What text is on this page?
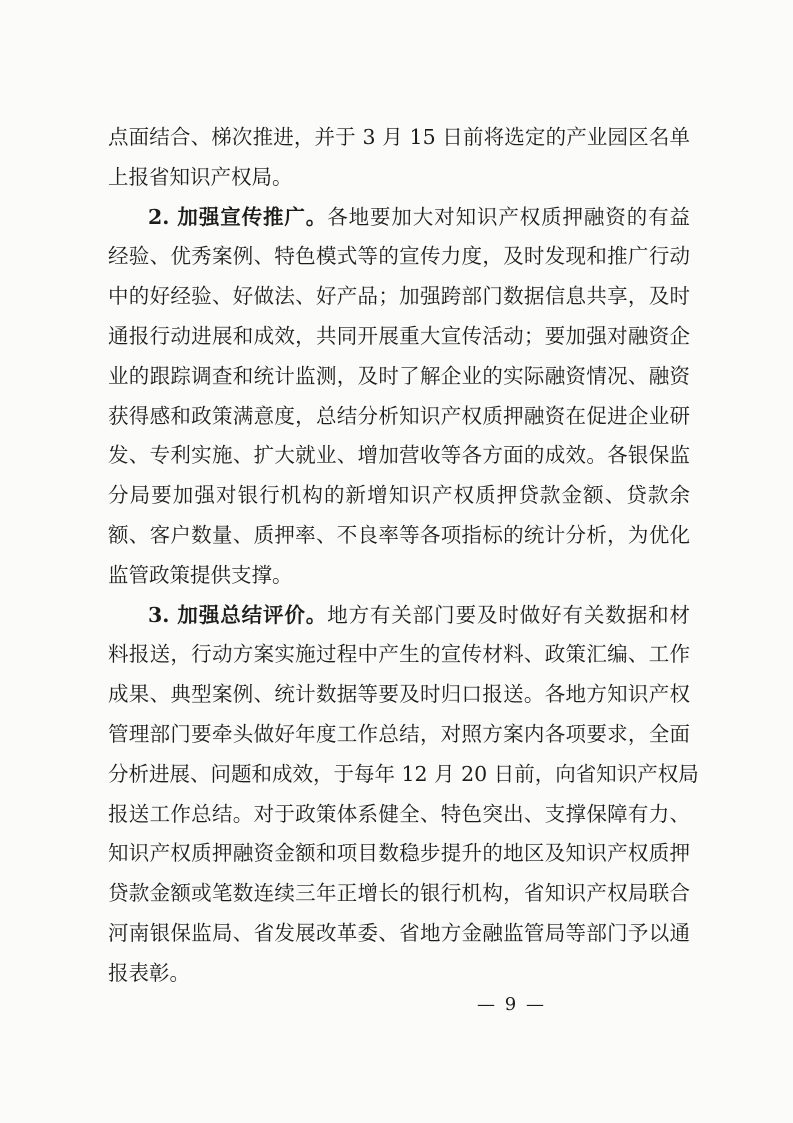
点面结合、梯次推进，并于 3 月 15 日前将选定的产业园区名单
上报省知识产权局。
2. 加强宣传推广。各地要加大对知识产权质押融资的有益
经验、优秀案例、特色模式等的宣传力度，及时发现和推广行动
中的好经验、好做法、好产品；加强跨部门数据信息共享，及时
通报行动进展和成效，共同开展重大宣传活动；要加强对融资企
业的跟踪调查和统计监测，及时了解企业的实际融资情况、融资
获得感和政策满意度，总结分析知识产权质押融资在促进企业研
发、专利实施、扩大就业、增加营收等各方面的成效。各银保监
分局要加强对银行机构的新增知识产权质押贷款金额、贷款余
额、客户数量、质押率、不良率等各项指标的统计分析，为优化
监管政策提供支撑。
3. 加强总结评价。地方有关部门要及时做好有关数据和材
料报送，行动方案实施过程中产生的宣传材料、政策汇编、工作
成果、典型案例、统计数据等要及时归口报送。各地方知识产权
管理部门要牵头做好年度工作总结，对照方案内各项要求，全面
分析进展、问题和成效，于每年 12 月 20 日前，向省知识产权局
报送工作总结。对于政策体系健全、特色突出、支撑保障有力、
知识产权质押融资金额和项目数稳步提升的地区及知识产权质押
贷款金额或笔数连续三年正增长的银行机构，省知识产权局联合
河南银保监局、省发展改革委、省地方金融监管局等部门予以通
报表彰。
— 9 —
